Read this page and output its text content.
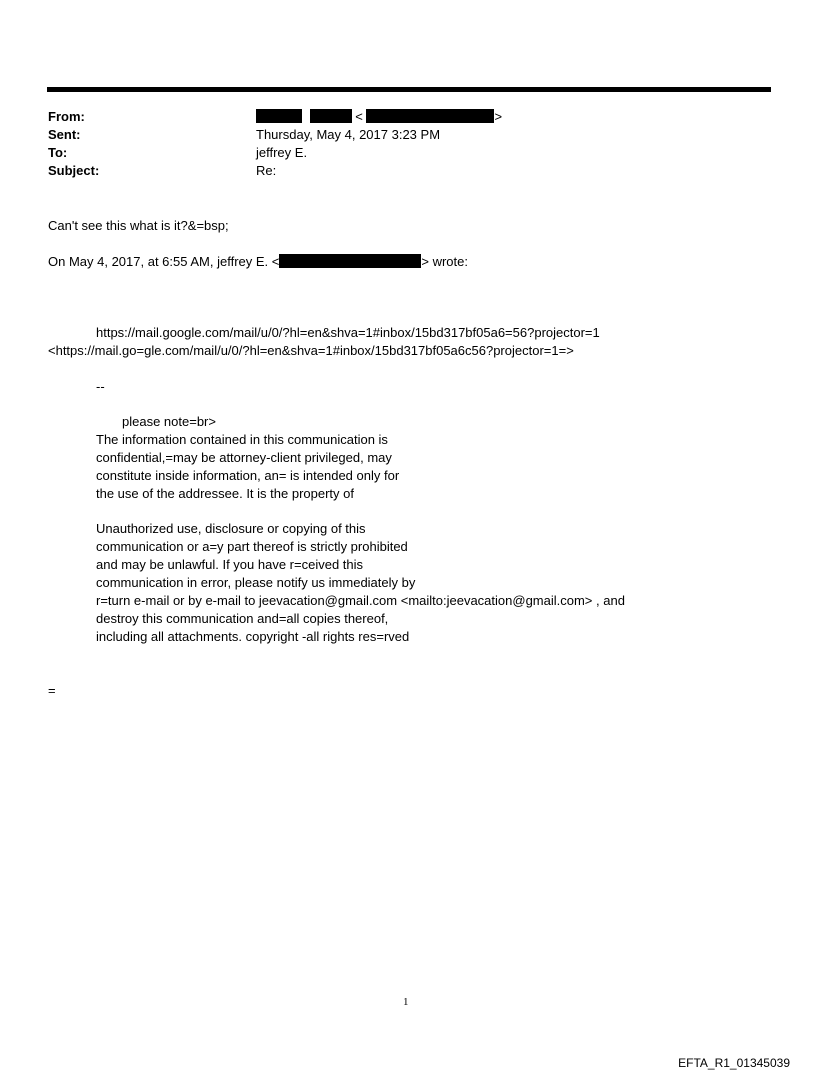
From:	<	>
Sent:	Thursday, May 4, 2017 3:23 PM
To:	jeffrey E.
Subject:	Re:
Can't see this what is it?&=bsp;
On May 4, 2017, at 6:55 AM, jeffrey E. <	> wrote:
https://mail.google.com/mail/u/0/?hl=en&shva=1#inbox/15bd317bf05a6=56?projector=1
<https://mail.go=gle.com/mail/u/0/?hl=en&shva=1#inbox/15bd317bf05a6c56?projector=1=>
--
please note=br>
The information contained in this communication is
confidential,=may be attorney-client privileged, may
constitute inside information, an= is intended only for
the use of the addressee. It is the property of
Unauthorized use, disclosure or copying of this
communication or a=y part thereof is strictly prohibited
and may be unlawful. If you have r=ceived this
communication in error, please notify us immediately by
r=turn e-mail or by e-mail to jeevacation@gmail.com <mailto:jeevacation@gmail.com> , and
destroy this communication and=all copies thereof,
including all attachments. copyright -all rights res=rved
=
1
EFTA_R1_01345039
